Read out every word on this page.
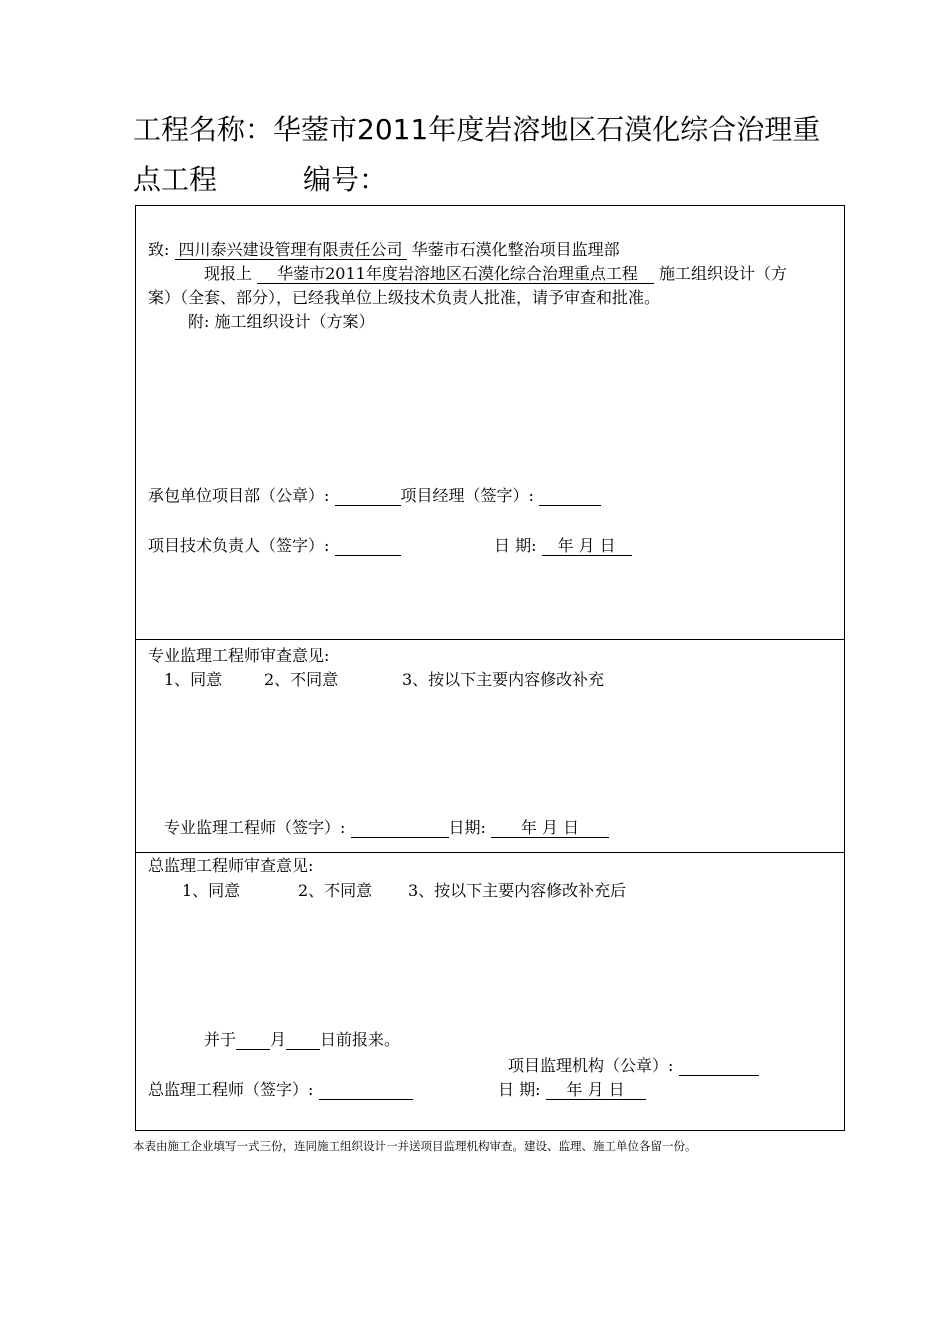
工程名称：华蓥市2011年度岩溶地区石漠化综合治理重
点工程	编号：
致: 四川泰兴建设管理有限责任公司 华蓥市石漠化整治项目监理部
现报上 华蓥市2011年度岩溶地区石漠化综合治理重点工程 施工组织设计（方
案）（全套、部分），已经我单位上级技术负责人批准，请予审查和批准。
附: 施工组织设计（方案）
承包单位项目部（公章）:	项目经理（签字）:
项目技术负责人（签字）:	日 期: 年 月 日
专业监理工程师审查意见:
1、同意	2、不同意	3、按以下主要内容修改补充
专业监理工程师（签字）:	日期: 年 月 日
总监理工程师审查意见:
1、同意	2、不同意 3、按以下主要内容修改补充后
并于 月 日前报来。
项目监理机构（公章）:
总监理工程师（签字）:	日 期: 年 月 日
本表由施工企业填写一式三份，连同施工组织设计一并送项目监理机构审查。建设、监理、施工单位各留一份。
